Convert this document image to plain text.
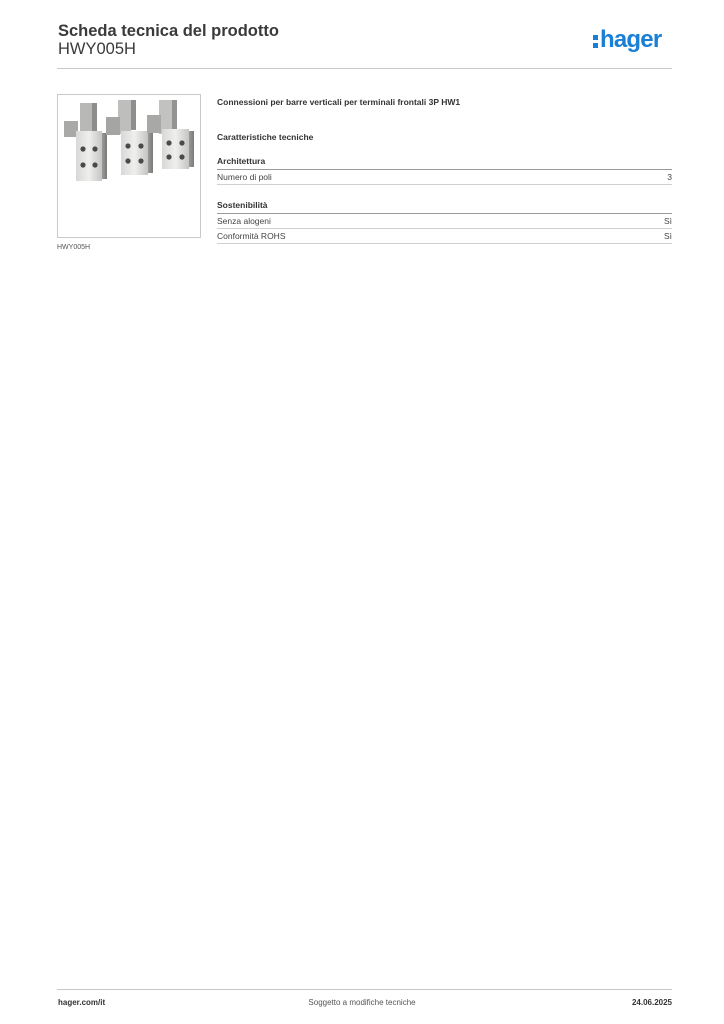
Scheda tecnica del prodotto
HWY005H	hager
HWY005H
Connessioni per barre verticali per terminali frontali 3P HW1
Caratteristiche tecniche
Architettura
Numero di poli	3
Sostenibilità
Senza alogeni	Sì
Conformità ROHS	Sì
hager.com/it	Soggetto a modifiche tecniche	24.06.2025
